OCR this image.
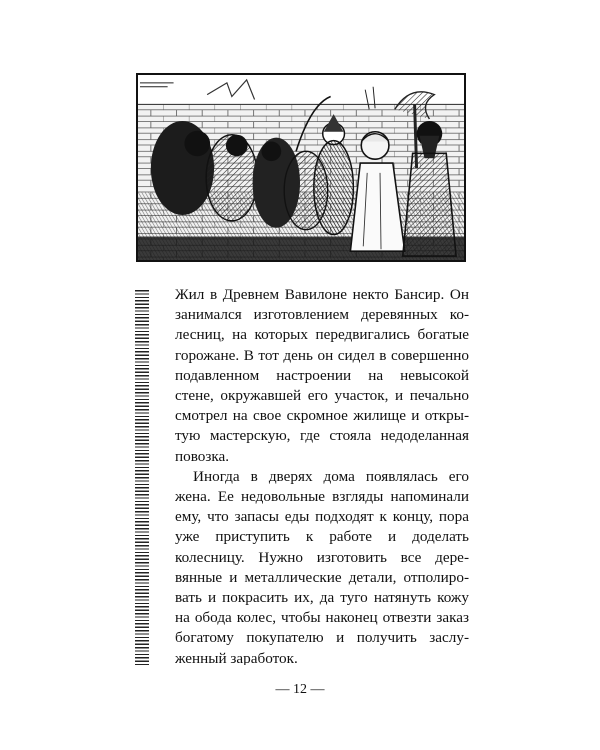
Жил в Древнем Вавилоне некто Бансир. Он занимался изготовлением деревянных колесниц, на которых передвигались богатые горожане. В тот день он сидел в совершенно подавленном настроении на невысокой стене, окружавшей его участок, и печально смотрел на свое скромное жилище и открытую мастерскую, где стояла недоделанная повозка.

Иногда в дверях дома появлялась его жена. Ее недовольные взгляды напоминали ему, что запасы еды подходят к концу, пора уже приступить к работе и доделать колесницу. Нужно изготовить все деревянные и металлические детали, отполировать и покрасить их, да туго натянуть кожу на обода колес, чтобы наконец отвезти заказ богатому покупателю и получить заслуженный заработок.

— 12 —
